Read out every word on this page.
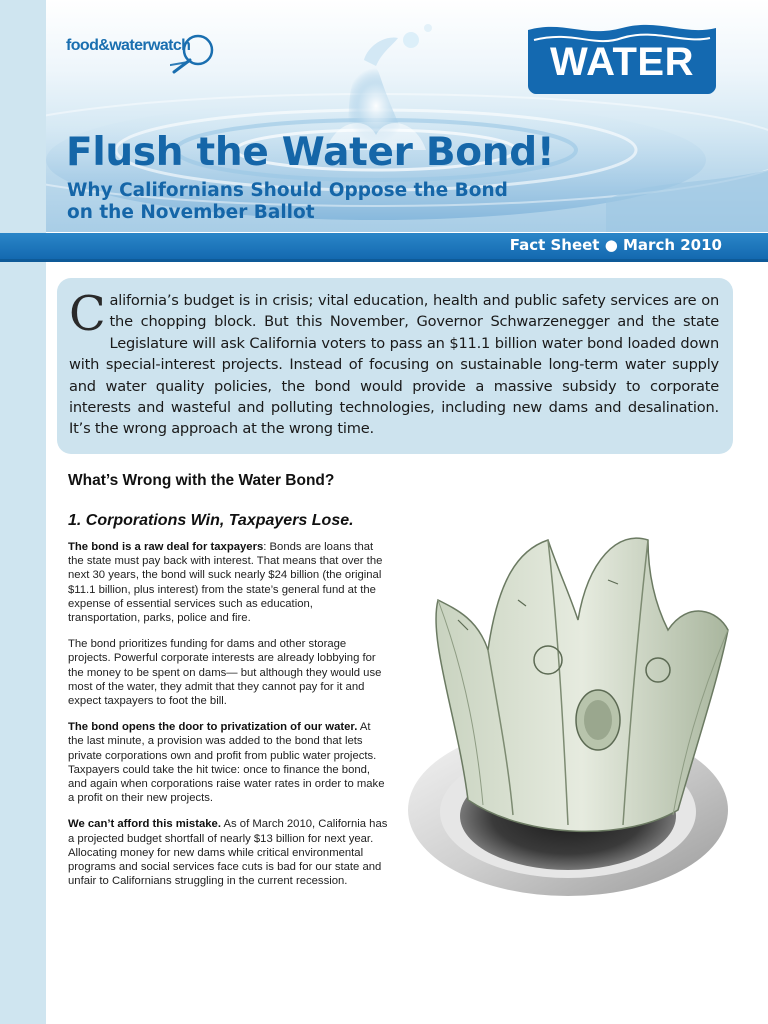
food&waterwatch	WATER
Flush the Water Bond!
Why Californians Should Oppose the Bond
on the November Ballot
Fact Sheet ● March 2010

California’s budget is in crisis; vital education, health and public safety services are on the chopping block. But this November, Governor Schwarzenegger and the state Legislature will ask California voters to pass an $11.1 billion water bond loaded down with special-interest projects. Instead of focusing on sustainable long-term water supply and water quality policies, the bond would provide a massive subsidy to corporate interests and wasteful and polluting technologies, including new dams and desalination. It’s the wrong approach at the wrong time.

What’s Wrong with the Water Bond?
1. Corporations Win, Taxpayers Lose.

The bond is a raw deal for taxpayers: Bonds are loans that the state must pay back with interest. That means that over the next 30 years, the bond will suck nearly $24 billion (the original $11.1 billion, plus interest) from the state’s general fund at the expense of essential services such as education, transportation, parks, police and fire.

The bond prioritizes funding for dams and other storage projects. Powerful corporate interests are already lobbying for the money to be spent on dams— but although they would use most of the water, they admit that they cannot pay for it and expect taxpayers to foot the bill.

The bond opens the door to privatization of our water. At the last minute, a provision was added to the bond that lets private corporations own and profit from public water projects. Taxpayers could take the hit twice: once to finance the bond, and again when corporations raise water rates in order to make a profit on their new projects.

We can’t afford this mistake. As of March 2010, California has a projected budget shortfall of nearly $13 billion for next year. Allocating money for new dams while critical environmental programs and social services face cuts is bad for our state and unfair to Californians struggling in the current recession.
